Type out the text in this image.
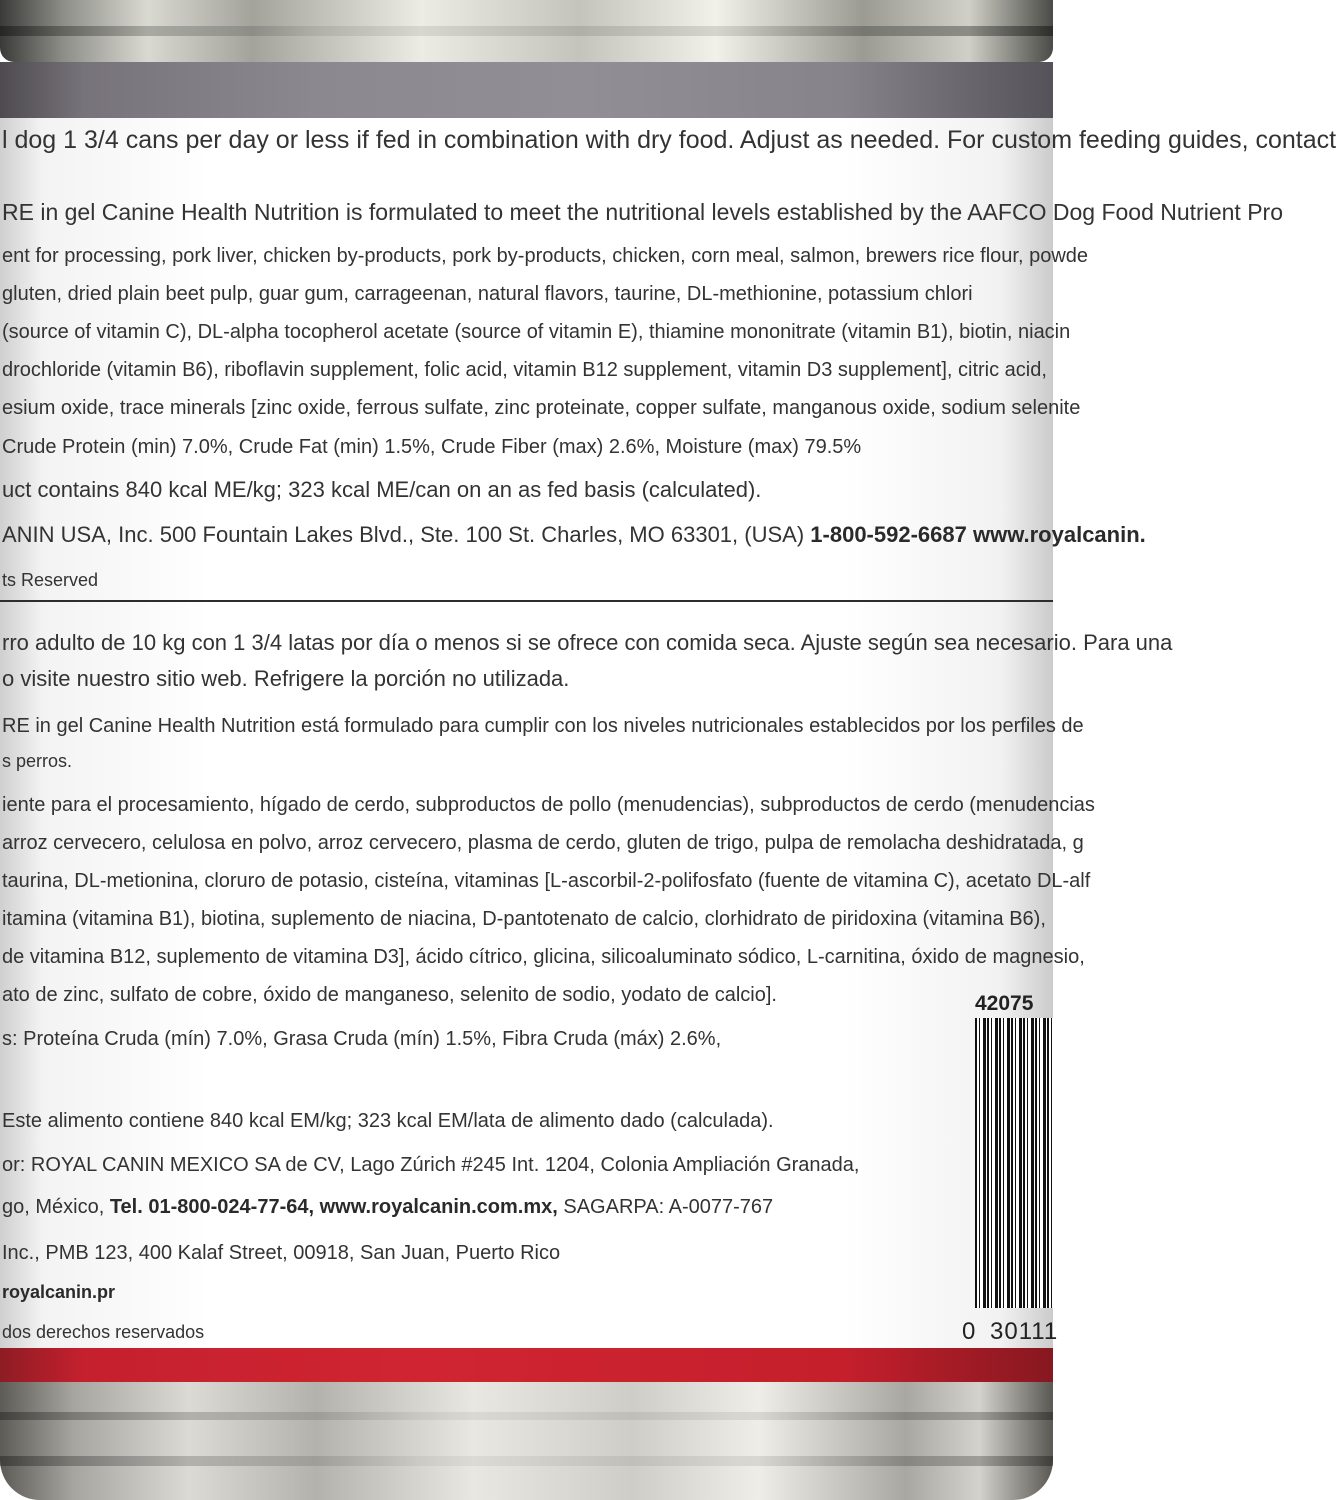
l dog 1 3/4 cans per day or less if fed in combination with dry food. Adjust as needed. For custom feeding guides, contact
RE in gel Canine Health Nutrition is formulated to meet the nutritional levels established by the AAFCO Dog Food Nutrient Pro
ent for processing, pork liver, chicken by-products, pork by-products, chicken, corn meal, salmon, brewers rice flour, powde
gluten, dried plain beet pulp, guar gum, carrageenan, natural flavors, taurine, DL-methionine, potassium chlori
(source of vitamin C), DL-alpha tocopherol acetate (source of vitamin E), thiamine mononitrate (vitamin B1), biotin, niacin
drochloride (vitamin B6), riboflavin supplement, folic acid, vitamin B12 supplement, vitamin D3 supplement], citric acid,
esium oxide, trace minerals [zinc oxide, ferrous sulfate, zinc proteinate, copper sulfate, manganous oxide, sodium selenite
Crude Protein (min) 7.0%, Crude Fat (min) 1.5%, Crude Fiber (max) 2.6%, Moisture (max) 79.5%
uct contains 840 kcal ME/kg; 323 kcal ME/can on an as fed basis (calculated).
ANIN USA, Inc. 500 Fountain Lakes Blvd., Ste. 100 St. Charles, MO 63301, (USA) 1-800-592-6687 www.royalcanin.
ts Reserved
rro adulto de 10 kg con 1 3/4 latas por día o menos si se ofrece con comida seca. Ajuste según sea necesario. Para una
o visite nuestro sitio web. Refrigere la porción no utilizada.
RE in gel Canine Health Nutrition está formulado para cumplir con los niveles nutricionales establecidos por los perfiles de
s perros.
iente para el procesamiento, hígado de cerdo, subproductos de pollo (menudencias), subproductos de cerdo (menudencias
arroz cervecero, celulosa en polvo, arroz cervecero, plasma de cerdo, gluten de trigo, pulpa de remolacha deshidratada, g
taurina, DL-metionina, cloruro de potasio, cisteína, vitaminas [L-ascorbil-2-polifosfato (fuente de vitamina C), acetato DL-alf
itamina (vitamina B1), biotina, suplemento de niacina, D-pantotenato de calcio, clorhidrato de piridoxina (vitamina B6),
de vitamina B12, suplemento de vitamina D3], ácido cítrico, glicina, silicoaluminato sódico, L-carnitina, óxido de magnesio,
ato de zinc, sulfato de cobre, óxido de manganeso, selenito de sodio, yodato de calcio].
s: Proteína Cruda (mín) 7.0%, Grasa Cruda (mín) 1.5%, Fibra Cruda (máx) 2.6%,
Este alimento contiene 840 kcal EM/kg; 323 kcal EM/lata de alimento dado (calculada).
or: ROYAL CANIN MEXICO SA de CV, Lago Zúrich #245 Int. 1204, Colonia Ampliación Granada,
go, México, Tel. 01-800-024-77-64, www.royalcanin.com.mx, SAGARPA: A-0077-767
Inc., PMB 123, 400 Kalaf Street, 00918, San Juan, Puerto Rico
royalcanin.pr
dos derechos reservados
42075
0 30111
